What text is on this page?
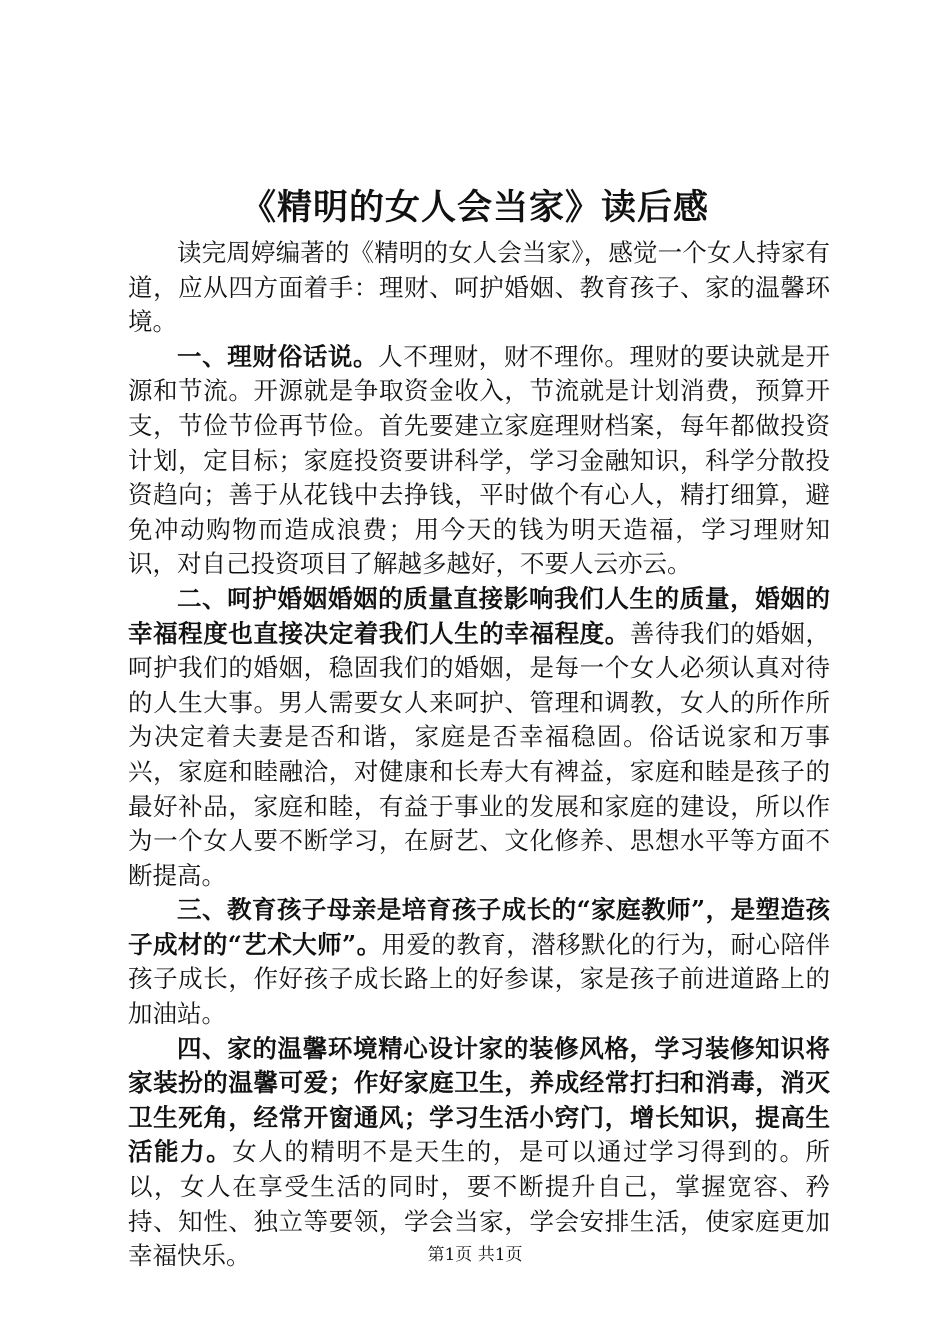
《精明的女人会当家》读后感

读完周婷编著的《精明的女人会当家》，感觉一个女人持家有道，应从四方面着手：理财、呵护婚姻、教育孩子、家的温馨环境。

一、理财俗话说。人不理财，财不理你。理财的要诀就是开源和节流。开源就是争取资金收入，节流就是计划消费，预算开支，节俭节俭再节俭。首先要建立家庭理财档案，每年都做投资计划，定目标；家庭投资要讲科学，学习金融知识，科学分散投资趋向；善于从花钱中去挣钱，平时做个有心人，精打细算，避免冲动购物而造成浪费；用今天的钱为明天造福，学习理财知识，对自己投资项目了解越多越好，不要人云亦云。

二、呵护婚姻婚姻的质量直接影响我们人生的质量，婚姻的幸福程度也直接决定着我们人生的幸福程度。善待我们的婚姻，呵护我们的婚姻，稳固我们的婚姻，是每一个女人必须认真对待的人生大事。男人需要女人来呵护、管理和调教，女人的所作所为决定着夫妻是否和谐，家庭是否幸福稳固。俗话说家和万事兴，家庭和睦融洽，对健康和长寿大有裨益，家庭和睦是孩子的最好补品，家庭和睦，有益于事业的发展和家庭的建设，所以作为一个女人要不断学习，在厨艺、文化修养、思想水平等方面不断提高。

三、教育孩子母亲是培育孩子成长的“家庭教师”，是塑造孩子成材的“艺术大师”。用爱的教育，潜移默化的行为，耐心陪伴孩子成长，作好孩子成长路上的好参谋，家是孩子前进道路上的加油站。

四、家的温馨环境精心设计家的装修风格，学习装修知识将家装扮的温馨可爱；作好家庭卫生，养成经常打扫和消毒，消灭卫生死角，经常开窗通风；学习生活小窍门，增长知识，提高生活能力。女人的精明不是天生的，是可以通过学习得到的。所以，女人在享受生活的同时，要不断提升自己，掌握宽容、矜持、知性、独立等要领，学会当家，学会安排生活，使家庭更加幸福快乐。	第1页 共1页
